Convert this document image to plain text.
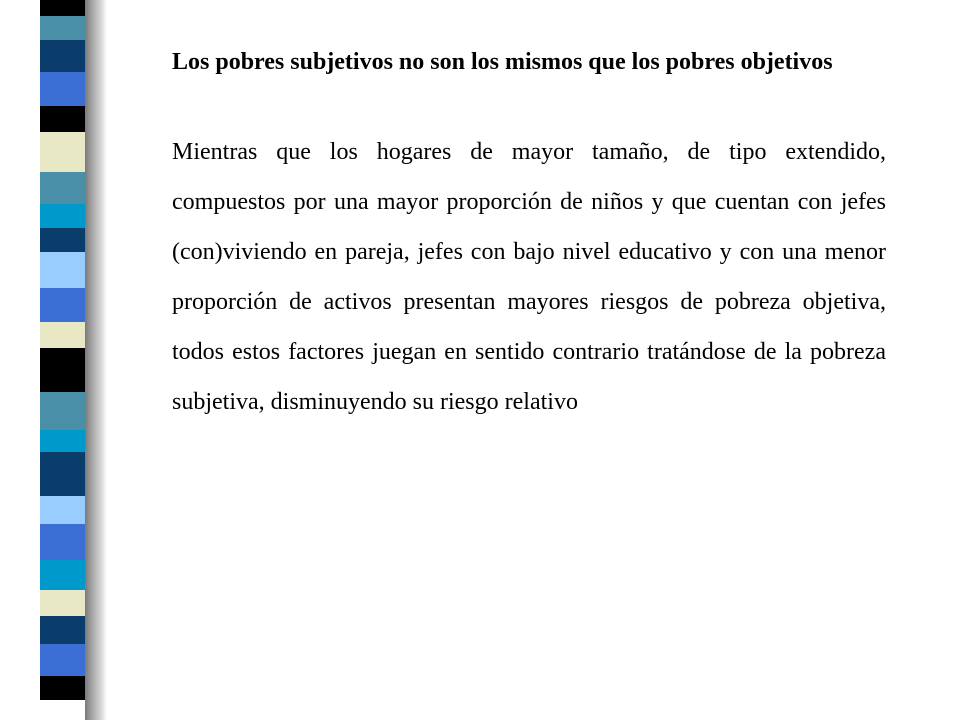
Los pobres subjetivos no son los mismos que los pobres objetivos

Mientras que los hogares de mayor tamaño, de tipo extendido, compuestos por una mayor proporción de niños y que cuentan con jefes (con)viviendo en pareja, jefes con bajo nivel educativo y con una menor proporción de activos presentan mayores riesgos de pobreza objetiva, todos estos factores juegan en sentido contrario tratándose de la pobreza subjetiva, disminuyendo su riesgo relativo
